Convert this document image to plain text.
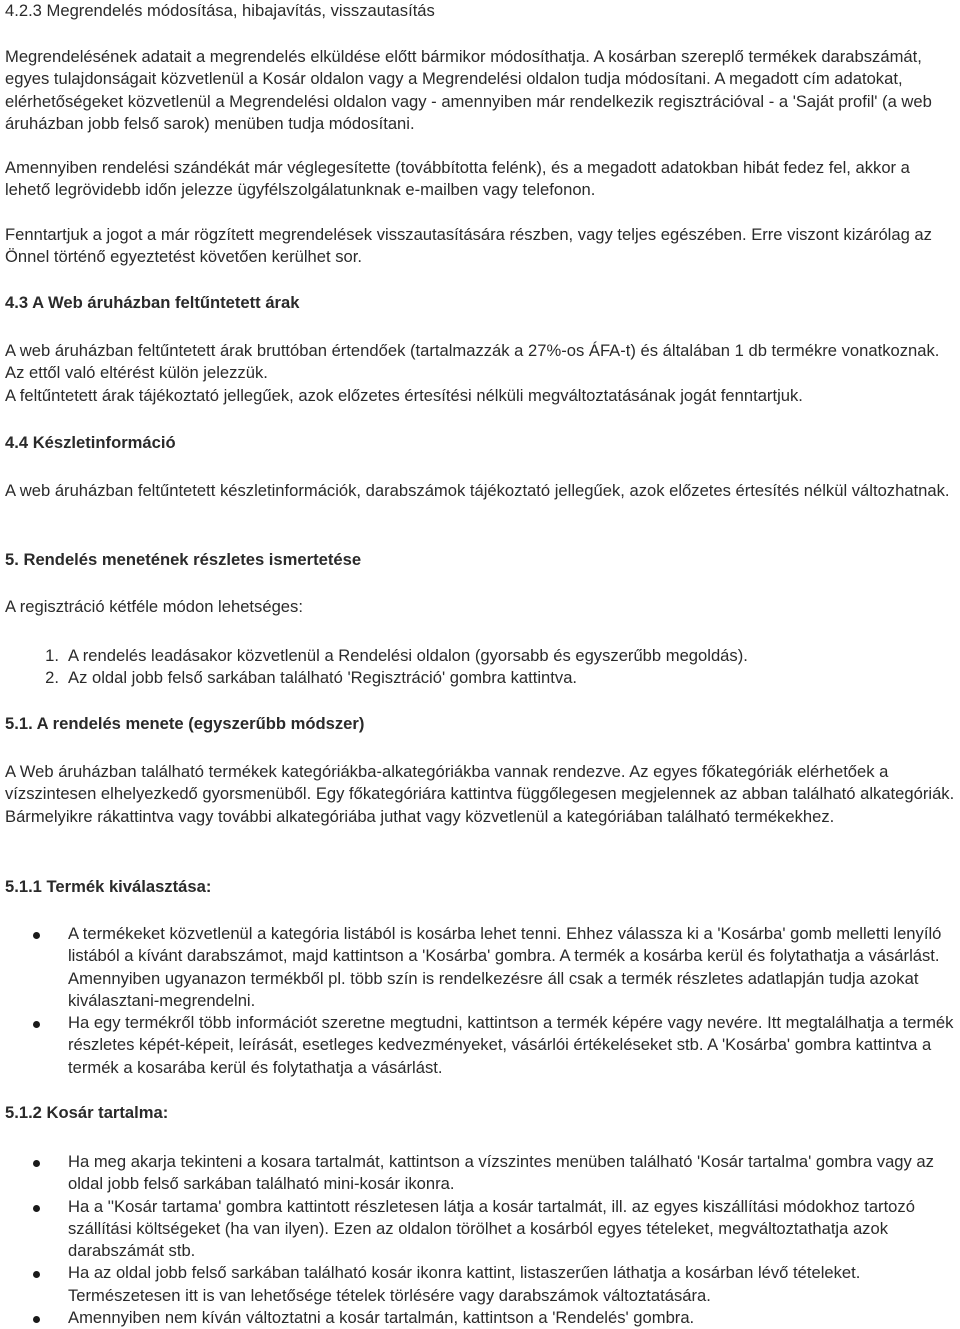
4.2.3 Megrendelés módosítása, hibajavítás, visszautasítás

Megrendelésének adatait a megrendelés elküldése előtt bármikor módosíthatja. A kosárban szereplő termékek darabszámát, egyes tulajdonságait közvetlenül a Kosár oldalon vagy a Megrendelési oldalon tudja módosítani. A megadott cím adatokat, elérhetőségeket közvetlenül a Megrendelési oldalon vagy - amennyiben már rendelkezik regisztrációval - a 'Saját profil' (a web áruházban jobb felső sarok) menüben tudja módosítani.

Amennyiben rendelési szándékát már véglegesítette (továbbította felénk), és a megadott adatokban hibát fedez fel, akkor a lehető legrövidebb időn jelezze ügyfélszolgálatunknak e-mailben vagy telefonon.

Fenntartjuk a jogot a már rögzített megrendelések visszautasítására részben, vagy teljes egészében. Erre viszont kizárólag az Önnel történő egyeztetést követően kerülhet sor.

4.3 A Web áruházban feltűntetett árak

A web áruházban feltűntetett árak bruttóban értendőek (tartalmazzák a 27%-os ÁFA-t) és általában 1 db termékre vonatkoznak. Az ettől való eltérést külön jelezzük.

A feltűntetett árak tájékoztató jellegűek, azok előzetes értesítési nélküli megváltoztatásának jogát fenntartjuk.

4.4 Készletinformáció

A web áruházban feltűntetett készletinformációk, darabszámok tájékoztató jellegűek, azok előzetes értesítés nélkül változhatnak.

5. Rendelés menetének részletes ismertetése

A regisztráció kétféle módon lehetséges:

1. A rendelés leadásakor közvetlenül a Rendelési oldalon (gyorsabb és egyszerűbb megoldás).
2. Az oldal jobb felső sarkában található 'Regisztráció' gombra kattintva.
5.1. A rendelés menete (egyszerűbb módszer)

A Web áruházban található termékek kategóriákba-alkategóriákba vannak rendezve. Az egyes főkategóriák elérhetőek a vízszintesen elhelyezkedő gyorsmenüből. Egy főkategóriára kattintva függőlegesen megjelennek az abban található alkategóriák. Bármelyikre rákattintva vagy további alkategóriába juthat vagy közvetlenül a kategóriában található termékekhez.

5.1.1 Termék kiválasztása:
A termékeket közvetlenül a kategória listából is kosárba lehet tenni. Ehhez válassza ki a 'Kosárba' gomb melletti lenyíló listából a kívánt darabszámot, majd kattintson a 'Kosárba' gombra. A termék a kosárba kerül és folytathatja a vásárlást. Amennyiben ugyanazon termékből pl. több szín is rendelkezésre áll csak a termék részletes adatlapján tudja azokat kiválasztani-megrendelni.
Ha egy termékről több információt szeretne megtudni, kattintson a termék képére vagy nevére. Itt megtalálhatja a termék részletes képét-képeit, leírását, esetleges kedvezményeket, vásárlói értékeléseket stb. A 'Kosárba' gombra kattintva a termék a kosarába kerül és folytathatja a vásárlást.
5.1.2 Kosár tartalma:
Ha meg akarja tekinteni a kosara tartalmát, kattintson a vízszintes menüben található 'Kosár tartalma' gombra vagy az oldal jobb felső sarkában található mini-kosár ikonra.
Ha a ''Kosár tartama' gombra kattintott részletesen látja a kosár tartalmát, ill. az egyes kiszállítási módokhoz tartozó szállítási költségeket (ha van ilyen). Ezen az oldalon törölhet a kosárból egyes tételeket, megváltoztathatja azok darabszámát stb.
Ha az oldal jobb felső sarkában található kosár ikonra kattint, listaszerűen láthatja a kosárban lévő tételeket. Természetesen itt is van lehetősége tételek törlésére vagy darabszámok változtatására.
Amennyiben nem kíván változtatni a kosár tartalmán, kattintson a 'Rendelés' gombra.
